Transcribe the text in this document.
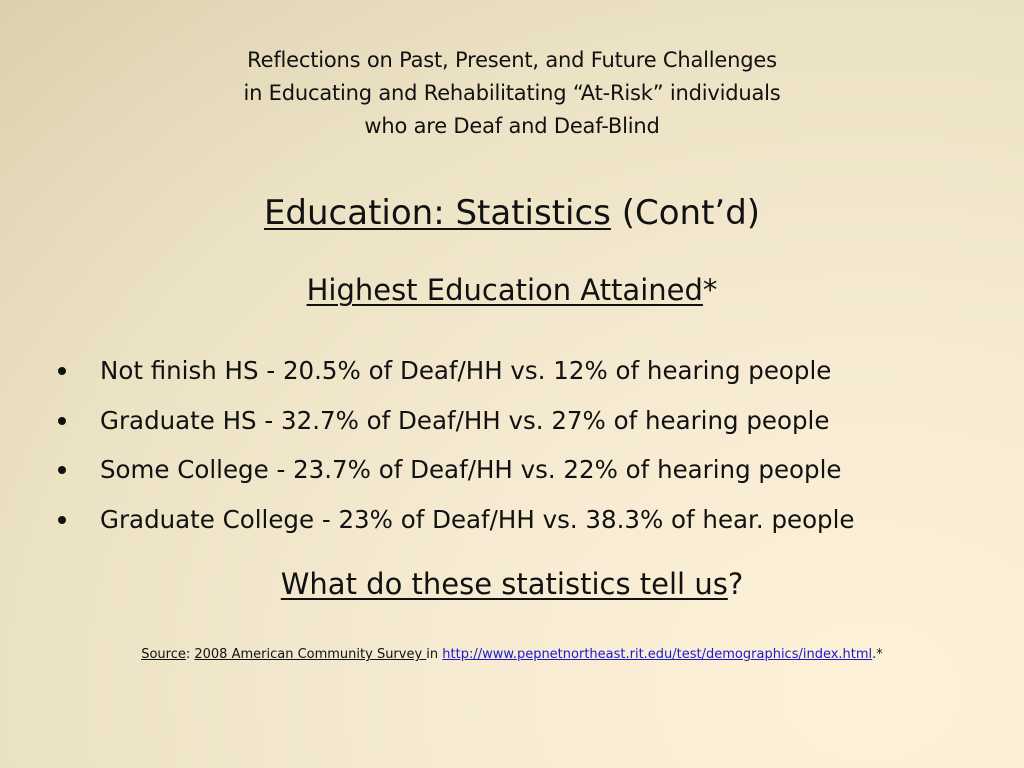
Reflections on Past, Present, and Future Challenges
in Educating and Rehabilitating “At-Risk” individuals
who are Deaf and Deaf-Blind
Education: Statistics (Cont’d)
Highest Education Attained*
Not finish HS - 20.5% of Deaf/HH vs. 12% of hearing people
Graduate HS - 32.7% of Deaf/HH vs. 27% of hearing people
Some College - 23.7% of Deaf/HH vs. 22% of hearing people
Graduate College - 23% of Deaf/HH vs. 38.3% of hear. people
What do these statistics tell us?
Source: 2008 American Community Survey in http://www.pepnetnortheast.rit.edu/test/demographics/index.html.*
